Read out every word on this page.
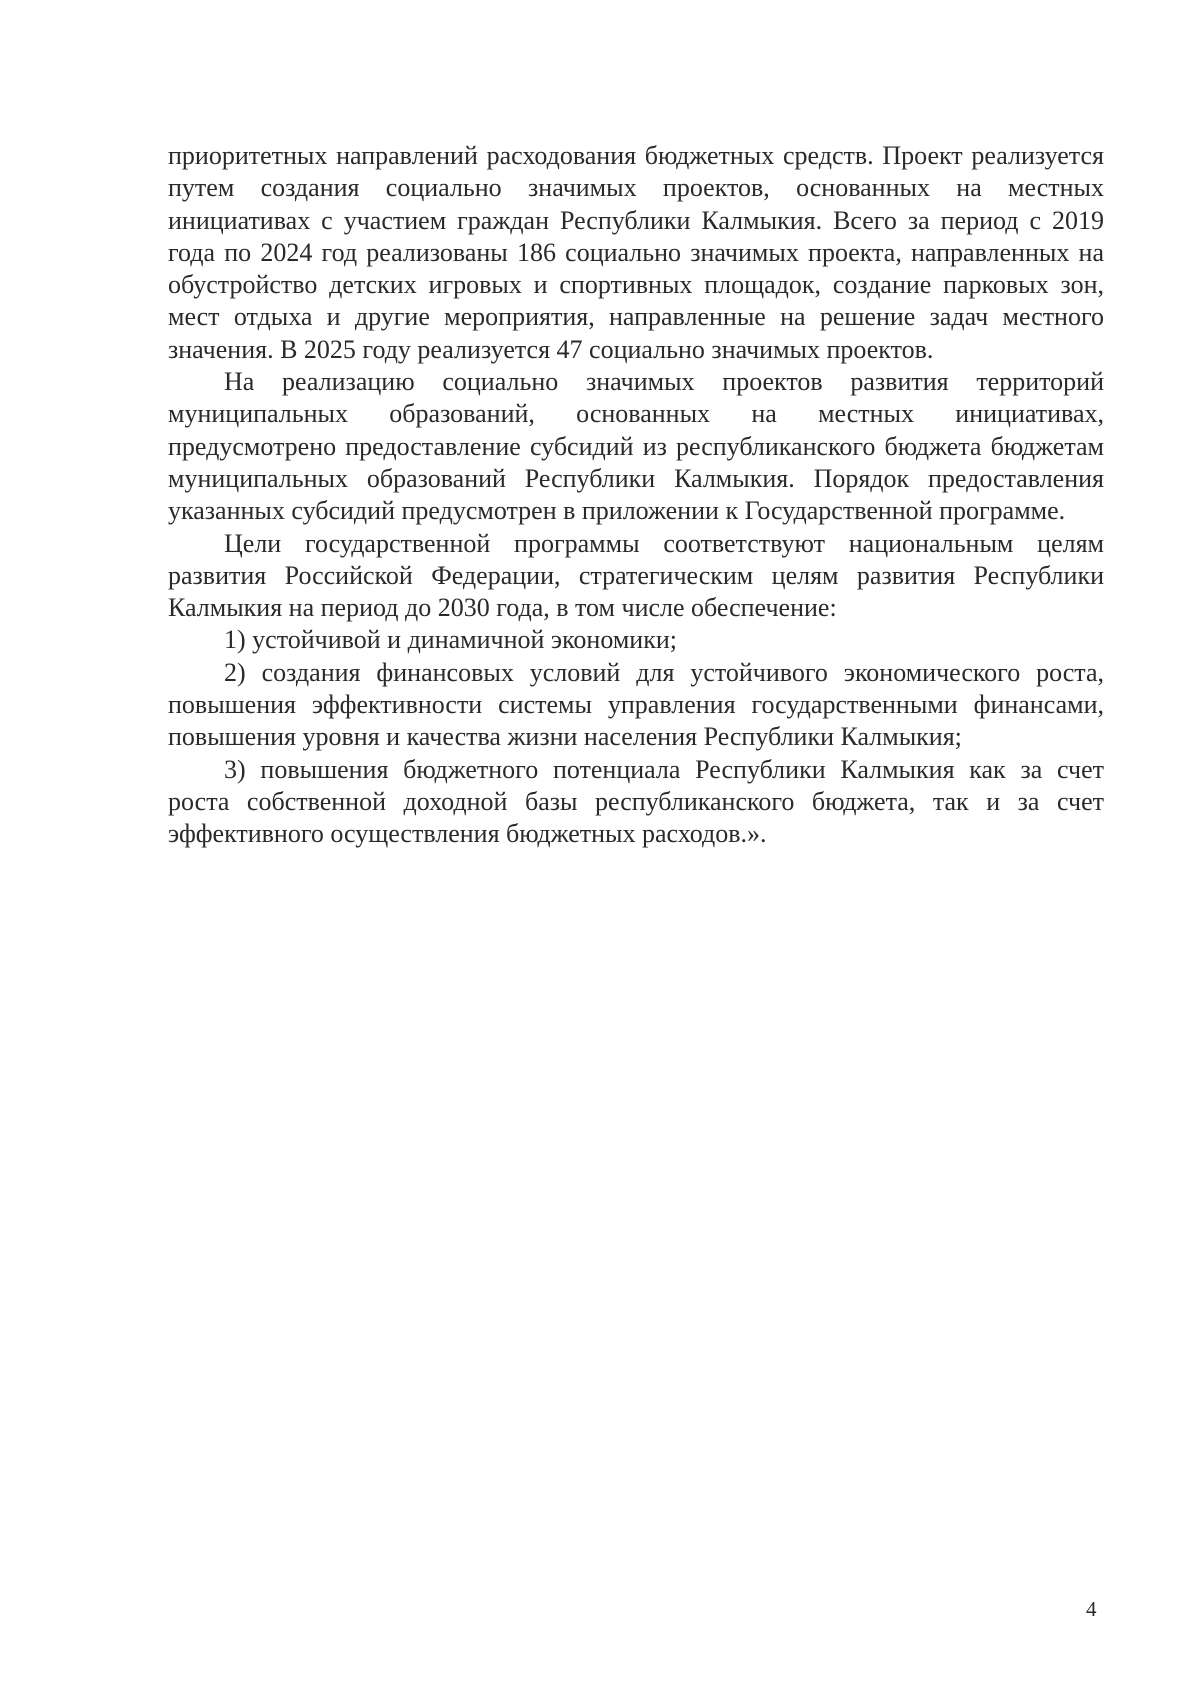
приоритетных направлений расходования бюджетных средств. Проект реализуется путем создания социально значимых проектов, основанных на местных инициативах с участием граждан Республики Калмыкия. Всего за период с 2019 года по 2024 год реализованы 186 социально значимых проекта, направленных на обустройство детских игровых и спортивных площадок, создание парковых зон, мест отдыха и другие мероприятия, направленные на решение задач местного значения. В 2025 году реализуется 47 социально значимых проектов.

На реализацию социально значимых проектов развития территорий муниципальных образований, основанных на местных инициативах, предусмотрено предоставление субсидий из республиканского бюджета бюджетам муниципальных образований Республики Калмыкия. Порядок предоставления указанных субсидий предусмотрен в приложении к Государственной программе.

Цели государственной программы соответствуют национальным целям развития Российской Федерации, стратегическим целям развития Республики Калмыкия на период до 2030 года, в том числе обеспечение:

1) устойчивой и динамичной экономики;

2) создания финансовых условий для устойчивого экономического роста, повышения эффективности системы управления государственными финансами, повышения уровня и качества жизни населения Республики Калмыкия;

3) повышения бюджетного потенциала Республики Калмыкия как за счет роста собственной доходной базы республиканского бюджета, так и за счет эффективного осуществления бюджетных расходов.».

4
